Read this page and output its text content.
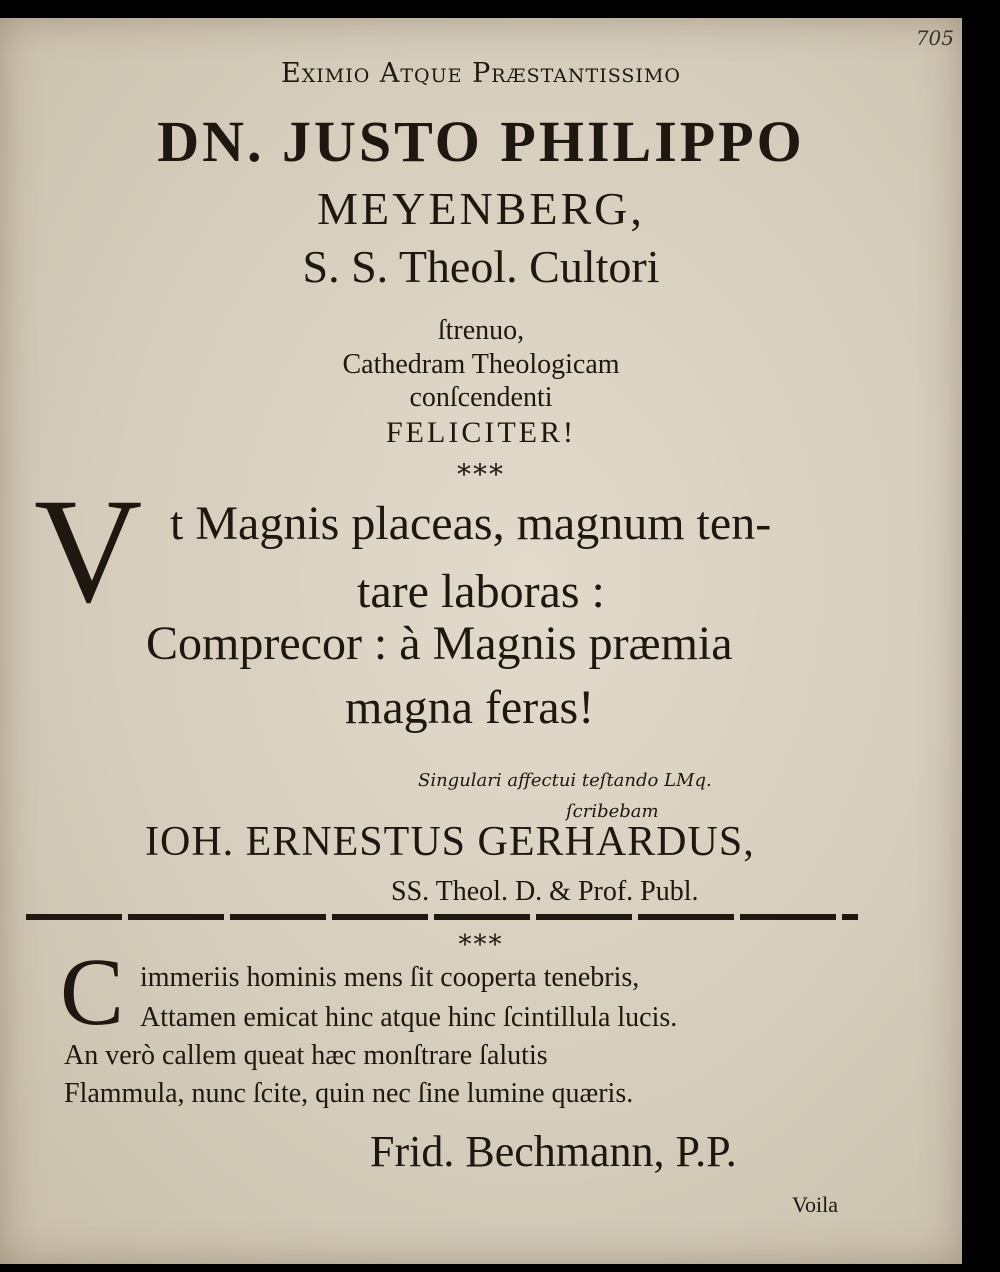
705
Eximio Atque Præstantissimo
DN. JUSTO PHILIPPO
MEYENBERG,
S. S. Theol. Cultori
ſtrenuo,
Cathedram Theologicam
conſcendenti
FELICITER!
***
V t Magnis placeas, magnum ten-
tare laboras :
Comprecor : à Magnis præmia
magna feras!
Singulari affectui teſtando LMq.
ſcribebam
IOH. ERNESTUS GERHARDUS,
SS. Theol. D. & Prof. Publ.
***
C immeriis hominis mens ſit cooperta tenebris,
Attamen emicat hinc atque hinc ſcintillula lucis.
An verò callem queat hæc monſtrare ſalutis
Flammula, nunc ſcite, quin nec ſine lumine quæris.
Frid. Bechmann, P.P.
Voila
